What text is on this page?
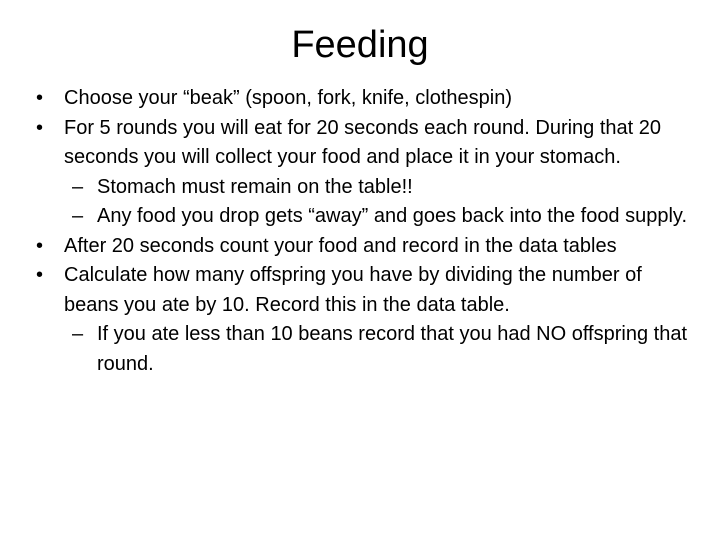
Feeding

• Choose your “beak” (spoon, fork, knife, clothespin)

• For 5 rounds you will eat for 20 seconds each round. During that 20 seconds you will collect your food and place it in your stomach.

– Stomach must remain on the table!!

– Any food you drop gets “away” and goes back into the food supply.

• After 20 seconds count your food and record in the data tables

• Calculate how many offspring you have by dividing the number of beans you ate by 10. Record this in the data table.

– If you ate less than 10 beans record that you had NO offspring that round.
